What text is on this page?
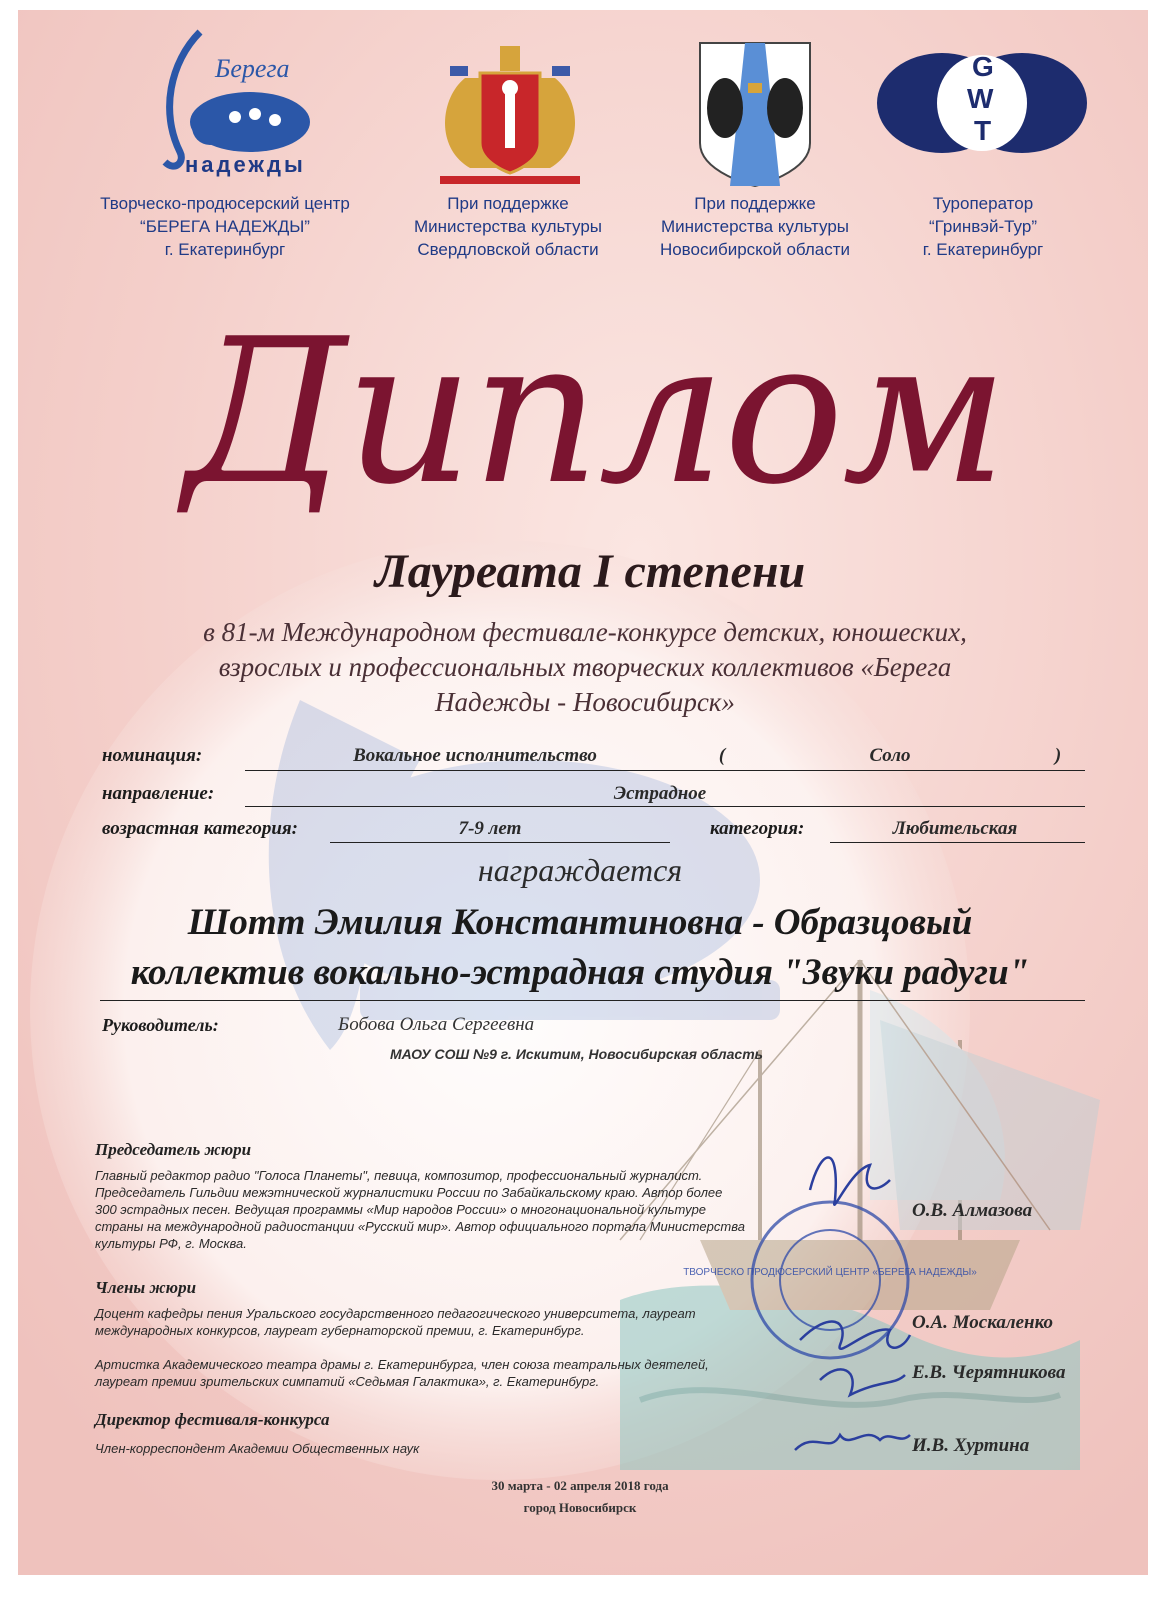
Берега
надежды
G
W
T
Творческо-продюсерский центр
“БЕРЕГА НАДЕЖДЫ”
г. Екатеринбург
При поддержке
Министерства культуры
Свердловской области
При поддержке
Министерства культуры
Новосибирской области
Туроператор
“Гринвэй-Тур”
г. Екатеринбург
Диплом
Лауреата I степени
в 81-м Международном фестивале-конкурсе детских, юношеских,
взрослых и профессиональных творческих коллективов «Берега
Надежды - Новосибирск»
номинация:	Вокальное исполнительство	(	Соло	)
направление:	Эстрадное
возрастная категория:	7-9 лет	категория:	Любительская
награждается
Шотт Эмилия Константиновна - Образцовый
коллектив вокально-эстрадная студия "Звуки радуги"
Руководитель:	Бобова Ольга Сергеевна
МАОУ СОШ №9 г. Искитим, Новосибирская область
Председатель жюри
Главный редактор радио "Голоса Планеты", певица, композитор, профессиональный журналист.
Председатель Гильдии межэтнической журналистики России по Забайкальскому краю. Автор более
300 эстрадных песен. Ведущая программы «Мир народов России» о многонациональной культуре
страны на международной радиостанции «Русский мир». Автор официального портала Министерства
культуры РФ, г. Москва.
О.В. Алмазова
Члены жюри
Доцент кафедры пения Уральского государственного педагогического университета, лауреат
международных конкурсов, лауреат губернаторской премии, г. Екатеринбург.	О.А. Москаленко
Артистка Академического театра драмы г. Екатеринбурга, член союза театральных деятелей,
лауреат премии зрительских симпатий «Седьмая Галактика», г. Екатеринбург.	Е.В. Черятникова
Директор фестиваля-конкурса
Член-корреспондент Академии Общественных наук	И.В. Хуртина
ТВОРЧЕСКО ПРОДЮСЕРСКИЙ ЦЕНТР «БЕРЕГА НАДЕЖДЫ»
30 марта - 02 апреля 2018 года
город Новосибирск
